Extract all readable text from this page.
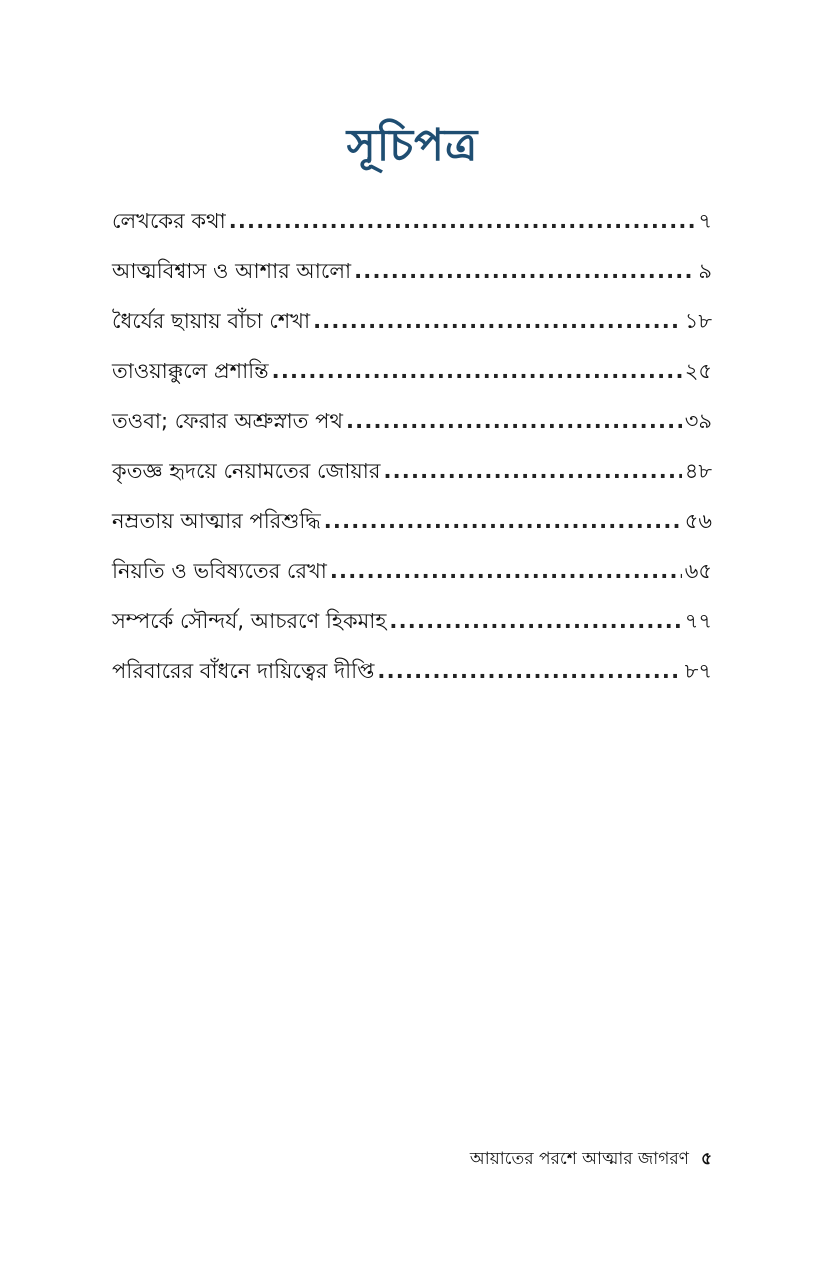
সূচিপত্র
লেখকের কথা .....	৭
আত্মবিশ্বাস ও আশার আলো .....	৯
ধৈর্যের ছায়ায় বাঁচা শেখা .....	১৮
তাওয়াক্কুলে প্রশান্তি .....	২৫
তওবা; ফেরার অশ্রুস্নাত পথ .....	৩৯
কৃতজ্ঞ হৃদয়ে নেয়ামতের জোয়ার .....	৪৮
নম্রতায় আত্মার পরিশুদ্ধি .....	৫৬
নিয়তি ও ভবিষ্যতের রেখা .....	৬৫
সম্পর্কে সৌন্দর্য, আচরণে হিকমাহ .....	৭৭
পরিবারের বাঁধনে দায়িত্বের দীপ্তি .....	৮৭
আয়াতের পরশে আত্মার জাগরণ ৫
